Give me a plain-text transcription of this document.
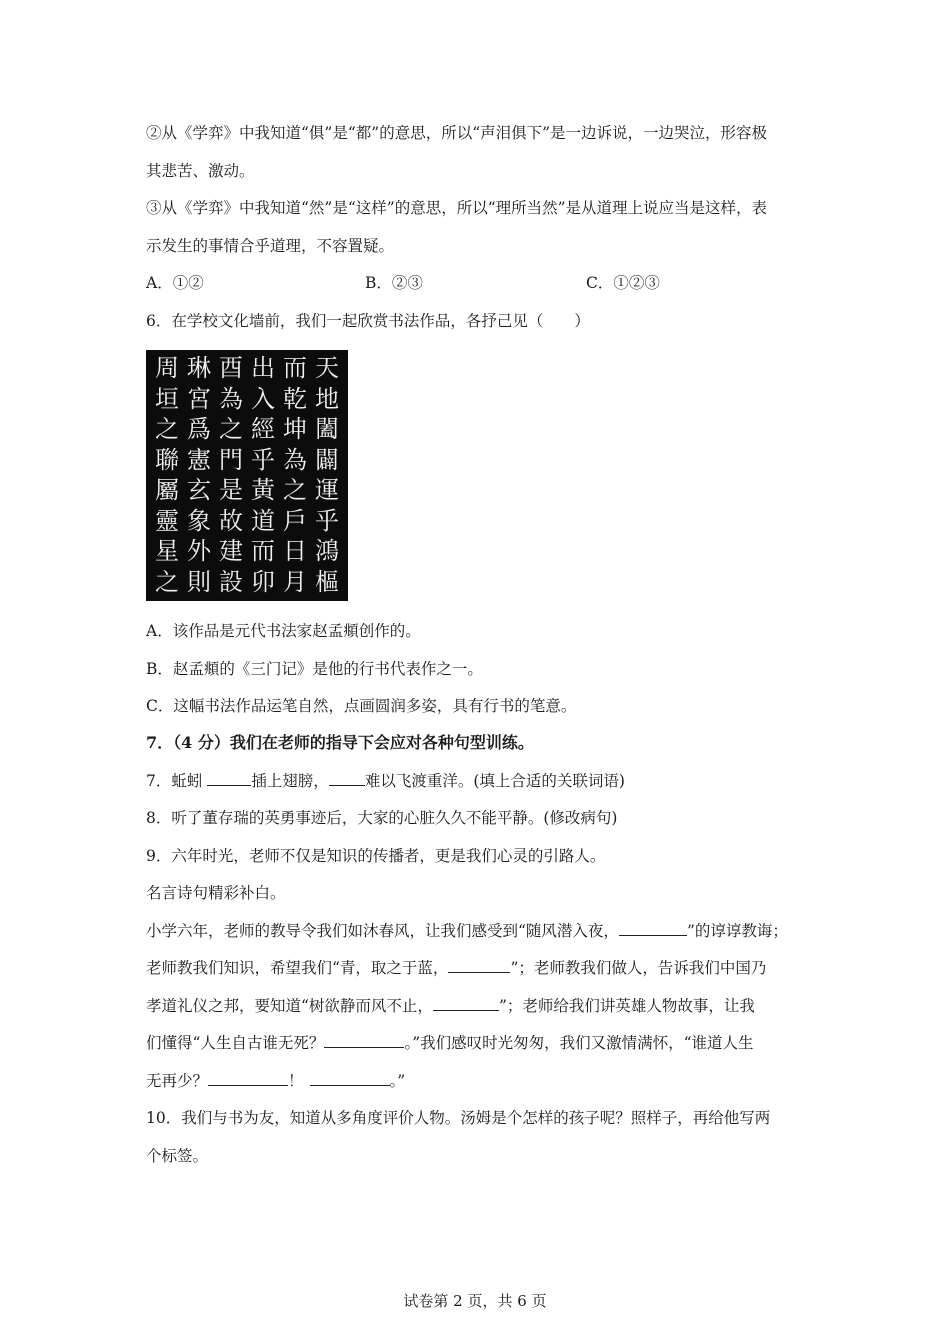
②从《学弈》中我知道“俱”是“都”的意思，所以“声泪俱下”是一边诉说，一边哭泣，形容极
其悲苦、激动。
③从《学弈》中我知道“然”是“这样”的意思，所以“理所当然”是从道理上说应当是这样，表
示发生的事情合乎道理，不容置疑。
A．①②	B．②③	C．①②③
6．在学校文化墙前，我们一起欣赏书法作品，各抒己见（　　）
天
地
闔
闢
運
乎
鴻
樞
而
乾
坤
為
之
戶
日
月
出
入
經
乎
黃
道
而
卯
酉
為
之
門
是
故
建
設
琳
宮
爲
憲
玄
象
外
則
周
垣
之
聯
屬
靈
星
之
A．该作品是元代书法家赵孟頫创作的。
B．赵孟頫的《三门记》是他的行书代表作之一。
C．这幅书法作品运笔自然，点画圆润多姿，具有行书的笔意。
7．（4 分）我们在老师的指导下会应对各种句型训练。
7．蚯蚓	插上翅膀， 难以飞渡重洋。(填上合适的关联词语)
8．听了董存瑞的英勇事迹后，大家的心脏久久不能平静。(修改病句)
9．六年时光，老师不仅是知识的传播者，更是我们心灵的引路人。
名言诗句精彩补白。
小学六年，老师的教导令我们如沐春风，让我们感受到“随风潜入夜，	”的谆谆教诲；
老师教我们知识，希望我们“青，取之于蓝，	”；老师教我们做人，告诉我们中国乃
孝道礼仪之邦，要知道“树欲静而风不止，	”；老师给我们讲英雄人物故事，让我
们懂得“人生自古谁无死？	。”我们感叹时光匆匆，我们又激情满怀，“谁道人生
无再少？	！	。”
10．我们与书为友，知道从多角度评价人物。汤姆是个怎样的孩子呢？照样子，再给他写两
个标签。
试卷第 2 页，共 6 页
